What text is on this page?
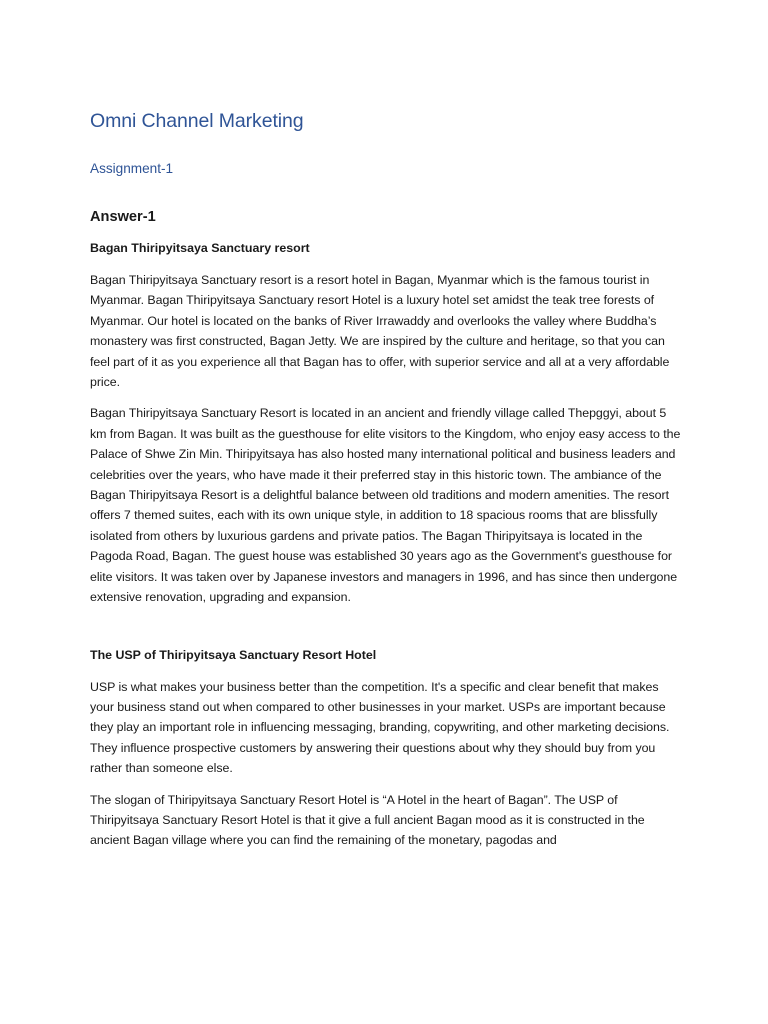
Omni Channel Marketing
Assignment-1
Answer-1
Bagan Thiripyitsaya Sanctuary resort

Bagan Thiripyitsaya Sanctuary resort is a resort hotel in Bagan, Myanmar which is the famous tourist in Myanmar. Bagan Thiripyitsaya Sanctuary resort Hotel is a luxury hotel set amidst the teak tree forests of Myanmar. Our hotel is located on the banks of River Irrawaddy and overlooks the valley where Buddha’s monastery was first constructed, Bagan Jetty. We are inspired by the culture and heritage, so that you can feel part of it as you experience all that Bagan has to offer, with superior service and all at a very affordable price.

Bagan Thiripyitsaya Sanctuary Resort is located in an ancient and friendly village called Thepggyi, about 5 km from Bagan. It was built as the guesthouse for elite visitors to the Kingdom, who enjoy easy access to the Palace of Shwe Zin Min. Thiripyitsaya has also hosted many international political and business leaders and celebrities over the years, who have made it their preferred stay in this historic town. The ambiance of the Bagan Thiripyitsaya Resort is a delightful balance between old traditions and modern amenities. The resort offers 7 themed suites, each with its own unique style, in addition to 18 spacious rooms that are blissfully isolated from others by luxurious gardens and private patios. The Bagan Thiripyitsaya is located in the Pagoda Road, Bagan. The guest house was established 30 years ago as the Government's guesthouse for elite visitors. It was taken over by Japanese investors and managers in 1996, and has since then undergone extensive renovation, upgrading and expansion.

The USP of Thiripyitsaya Sanctuary Resort Hotel

USP is what makes your business better than the competition. It's a specific and clear benefit that makes your business stand out when compared to other businesses in your market. USPs are important because they play an important role in influencing messaging, branding, copywriting, and other marketing decisions. They influence prospective customers by answering their questions about why they should buy from you rather than someone else.

The slogan of Thiripyitsaya Sanctuary Resort Hotel is “A Hotel in the heart of Bagan”. The USP of Thiripyitsaya Sanctuary Resort Hotel is that it give a full ancient Bagan mood as it is constructed in the ancient Bagan village where you can find the remaining of the monetary, pagodas and
